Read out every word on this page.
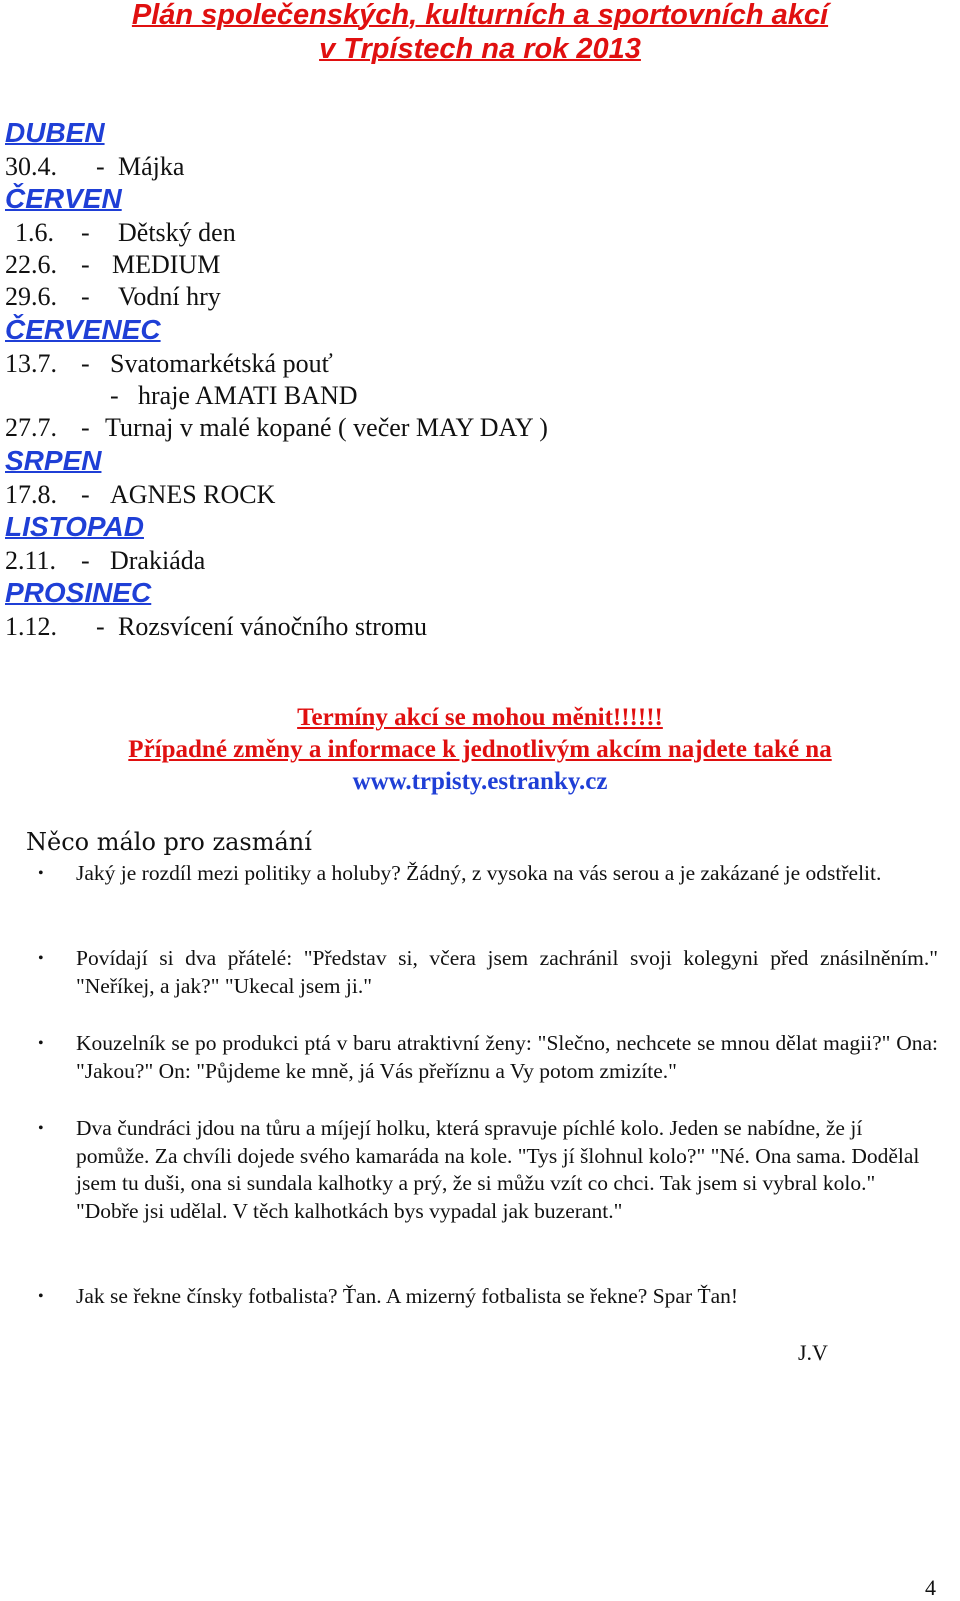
Plán společenských, kulturních a sportovních akcí
v Trpístech na rok 2013
DUBEN
30.4. - Májka
ČERVEN
1.6. - Dětský den
22.6. - MEDIUM
29.6. - Vodní hry
ČERVENEC
13.7. - Svatomarkétská pouť
- hraje AMATI BAND
27.7. - Turnaj v malé kopané ( večer MAY DAY )
SRPEN
17.8. - AGNES ROCK
LISTOPAD
2.11. - Drakiáda
PROSINEC
1.12. - Rozsvícení vánočního stromu
Termíny akcí se mohou měnit!!!!!!
Případné změny a informace k jednotlivým akcím najdete také na
www.trpisty.estranky.cz
Něco málo pro zasmání
• Jaký je rozdíl mezi politiky a holuby? Žádný, z vysoka na vás serou a je zakázané je odstřelit.
• Povídají si dva přátelé: "Představ si, včera jsem zachránil svoji kolegyni před znásilněním." "Neříkej, a jak?" "Ukecal jsem ji."
• Kouzelník se po produkci ptá v baru atraktivní ženy: "Slečno, nechcete se mnou dělat magii?" Ona: "Jakou?" On: "Půjdeme ke mně, já Vás přeříznu a Vy potom zmizíte."
• Dva čundráci jdou na tůru a míjejí holku, která spravuje píchlé kolo. Jeden se nabídne, že jí pomůže. Za chvíli dojede svého kamaráda na kole. "Tys jí šlohnul kolo?" "Né. Ona sama. Dodělal jsem tu duši, ona si sundala kalhotky a prý, že si můžu vzít co chci. Tak jsem si vybral kolo." "Dobře jsi udělal. V těch kalhotkách bys vypadal jak buzerant."
• Jak se řekne čínsky fotbalista? Ťan. A mizerný fotbalista se řekne? Spar Ťan!
J.V
4
